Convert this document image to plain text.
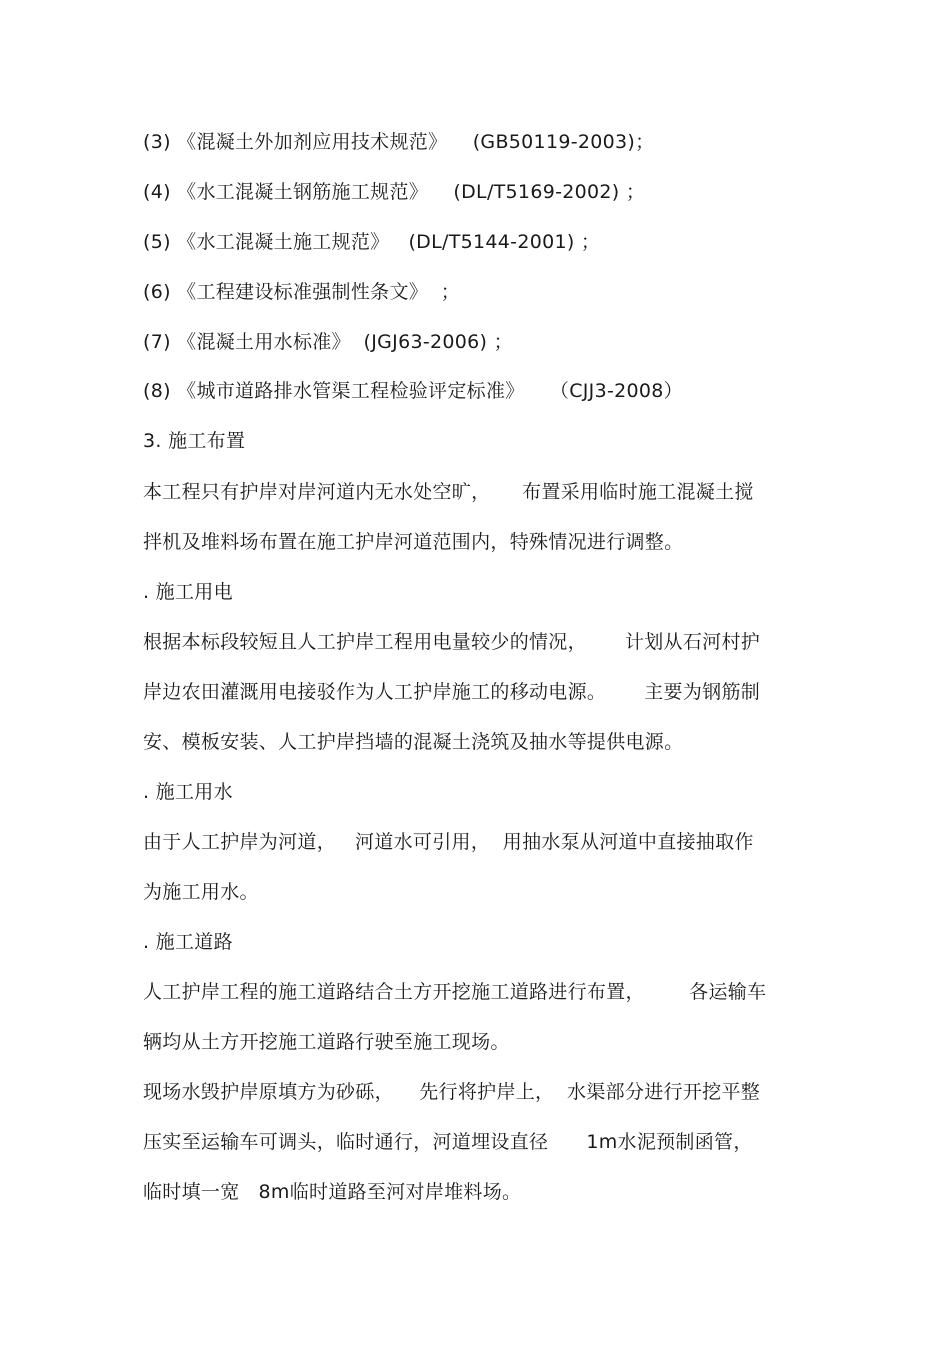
(3) 《混凝土外加剂应用技术规范》    (GB50119-2003)；
(4) 《水工混凝土钢筋施工规范》    (DL/T5169-2002) ；
(5) 《水工混凝土施工规范》   (DL/T5144-2001) ；
(6) 《工程建设标准强制性条文》  ；
(7) 《混凝土用水标准》  (JGJ63-2006) ；
(8) 《城市道路排水管渠工程检验评定标准》    （CJJ3-2008）
3. 施工布置
本工程只有护岸对岸河道内无水处空旷，     布置采用临时施工混凝土搅
拌机及堆料场布置在施工护岸河道范围内，特殊情况进行调整。
. 施工用电
根据本标段较短且人工护岸工程用电量较少的情况，      计划从石河村护
岸边农田灌溉用电接驳作为人工护岸施工的移动电源。      主要为钢筋制
安、模板安装、人工护岸挡墙的混凝土浇筑及抽水等提供电源。
. 施工用水
由于人工护岸为河道，   河道水可引用，  用抽水泵从河道中直接抽取作
为施工用水。
. 施工道路
人工护岸工程的施工道路结合土方开挖施工道路进行布置，       各运输车
辆均从土方开挖施工道路行驶至施工现场。
现场水毁护岸原填方为砂砾，    先行将护岸上，  水渠部分进行开挖平整
压实至运输车可调头，临时通行，河道埋设直径      1m水泥预制函管，
临时填一宽   8m临时道路至河对岸堆料场。
